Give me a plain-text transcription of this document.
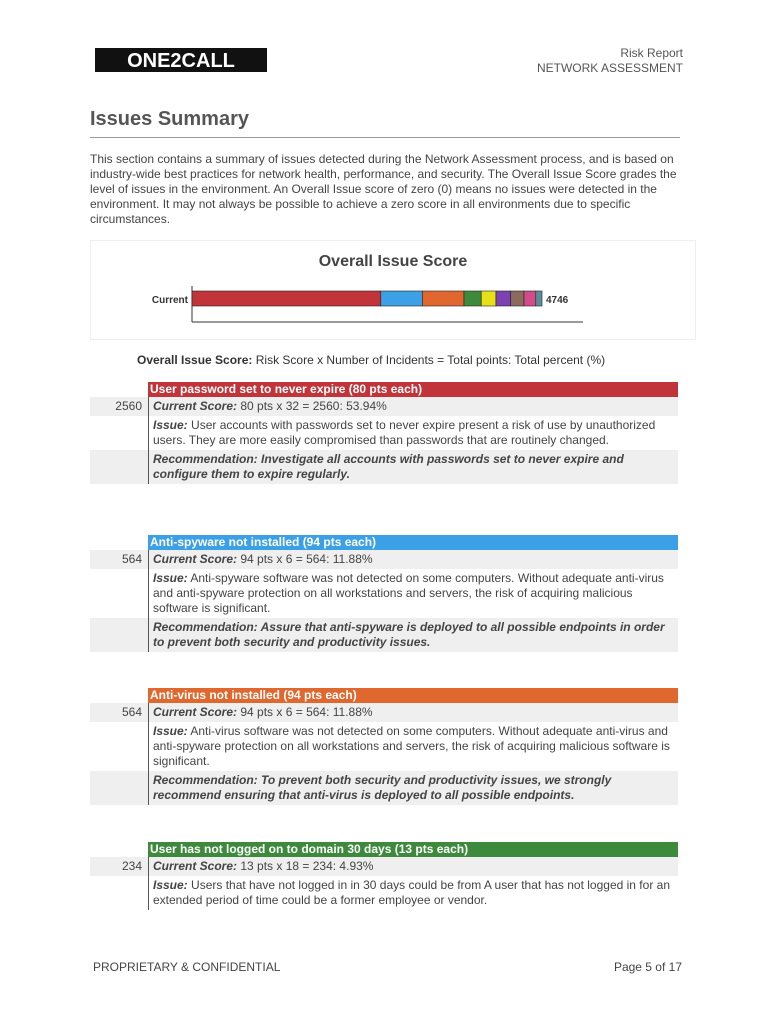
ONE2CALL	Risk Report
NETWORK ASSESSMENT
Issues Summary
This section contains a summary of issues detected during the Network Assessment process, and is based on industry-wide best practices for network health, performance, and security. The Overall Issue Score grades the level of issues in the environment. An Overall Issue score of zero (0) means no issues were detected in the environment. It may not always be possible to achieve a zero score in all environments due to specific circumstances.
Overall Issue Score
Current	4746
Overall Issue Score: Risk Score x Number of Incidents = Total points: Total percent (%)
User password set to never expire (80 pts each)
2560 Current Score: 80 pts x 32 = 2560: 53.94%
Issue: User accounts with passwords set to never expire present a risk of use by unauthorized users. They are more easily compromised than passwords that are routinely changed.
Recommendation: Investigate all accounts with passwords set to never expire and configure them to expire regularly.
Anti-spyware not installed (94 pts each)
564 Current Score: 94 pts x 6 = 564: 11.88%
Issue: Anti-spyware software was not detected on some computers. Without adequate anti-virus and anti-spyware protection on all workstations and servers, the risk of acquiring malicious software is significant.
Recommendation: Assure that anti-spyware is deployed to all possible endpoints in order to prevent both security and productivity issues.
Anti-virus not installed (94 pts each)
564 Current Score: 94 pts x 6 = 564: 11.88%
Issue: Anti-virus software was not detected on some computers. Without adequate anti-virus and anti-spyware protection on all workstations and servers, the risk of acquiring malicious software is significant.
Recommendation: To prevent both security and productivity issues, we strongly recommend ensuring that anti-virus is deployed to all possible endpoints.
User has not logged on to domain 30 days (13 pts each)
234 Current Score: 13 pts x 18 = 234: 4.93%
Issue: Users that have not logged in in 30 days could be from A user that has not logged in for an extended period of time could be a former employee or vendor.
PROPRIETARY & CONFIDENTIAL	Page 5 of 17
